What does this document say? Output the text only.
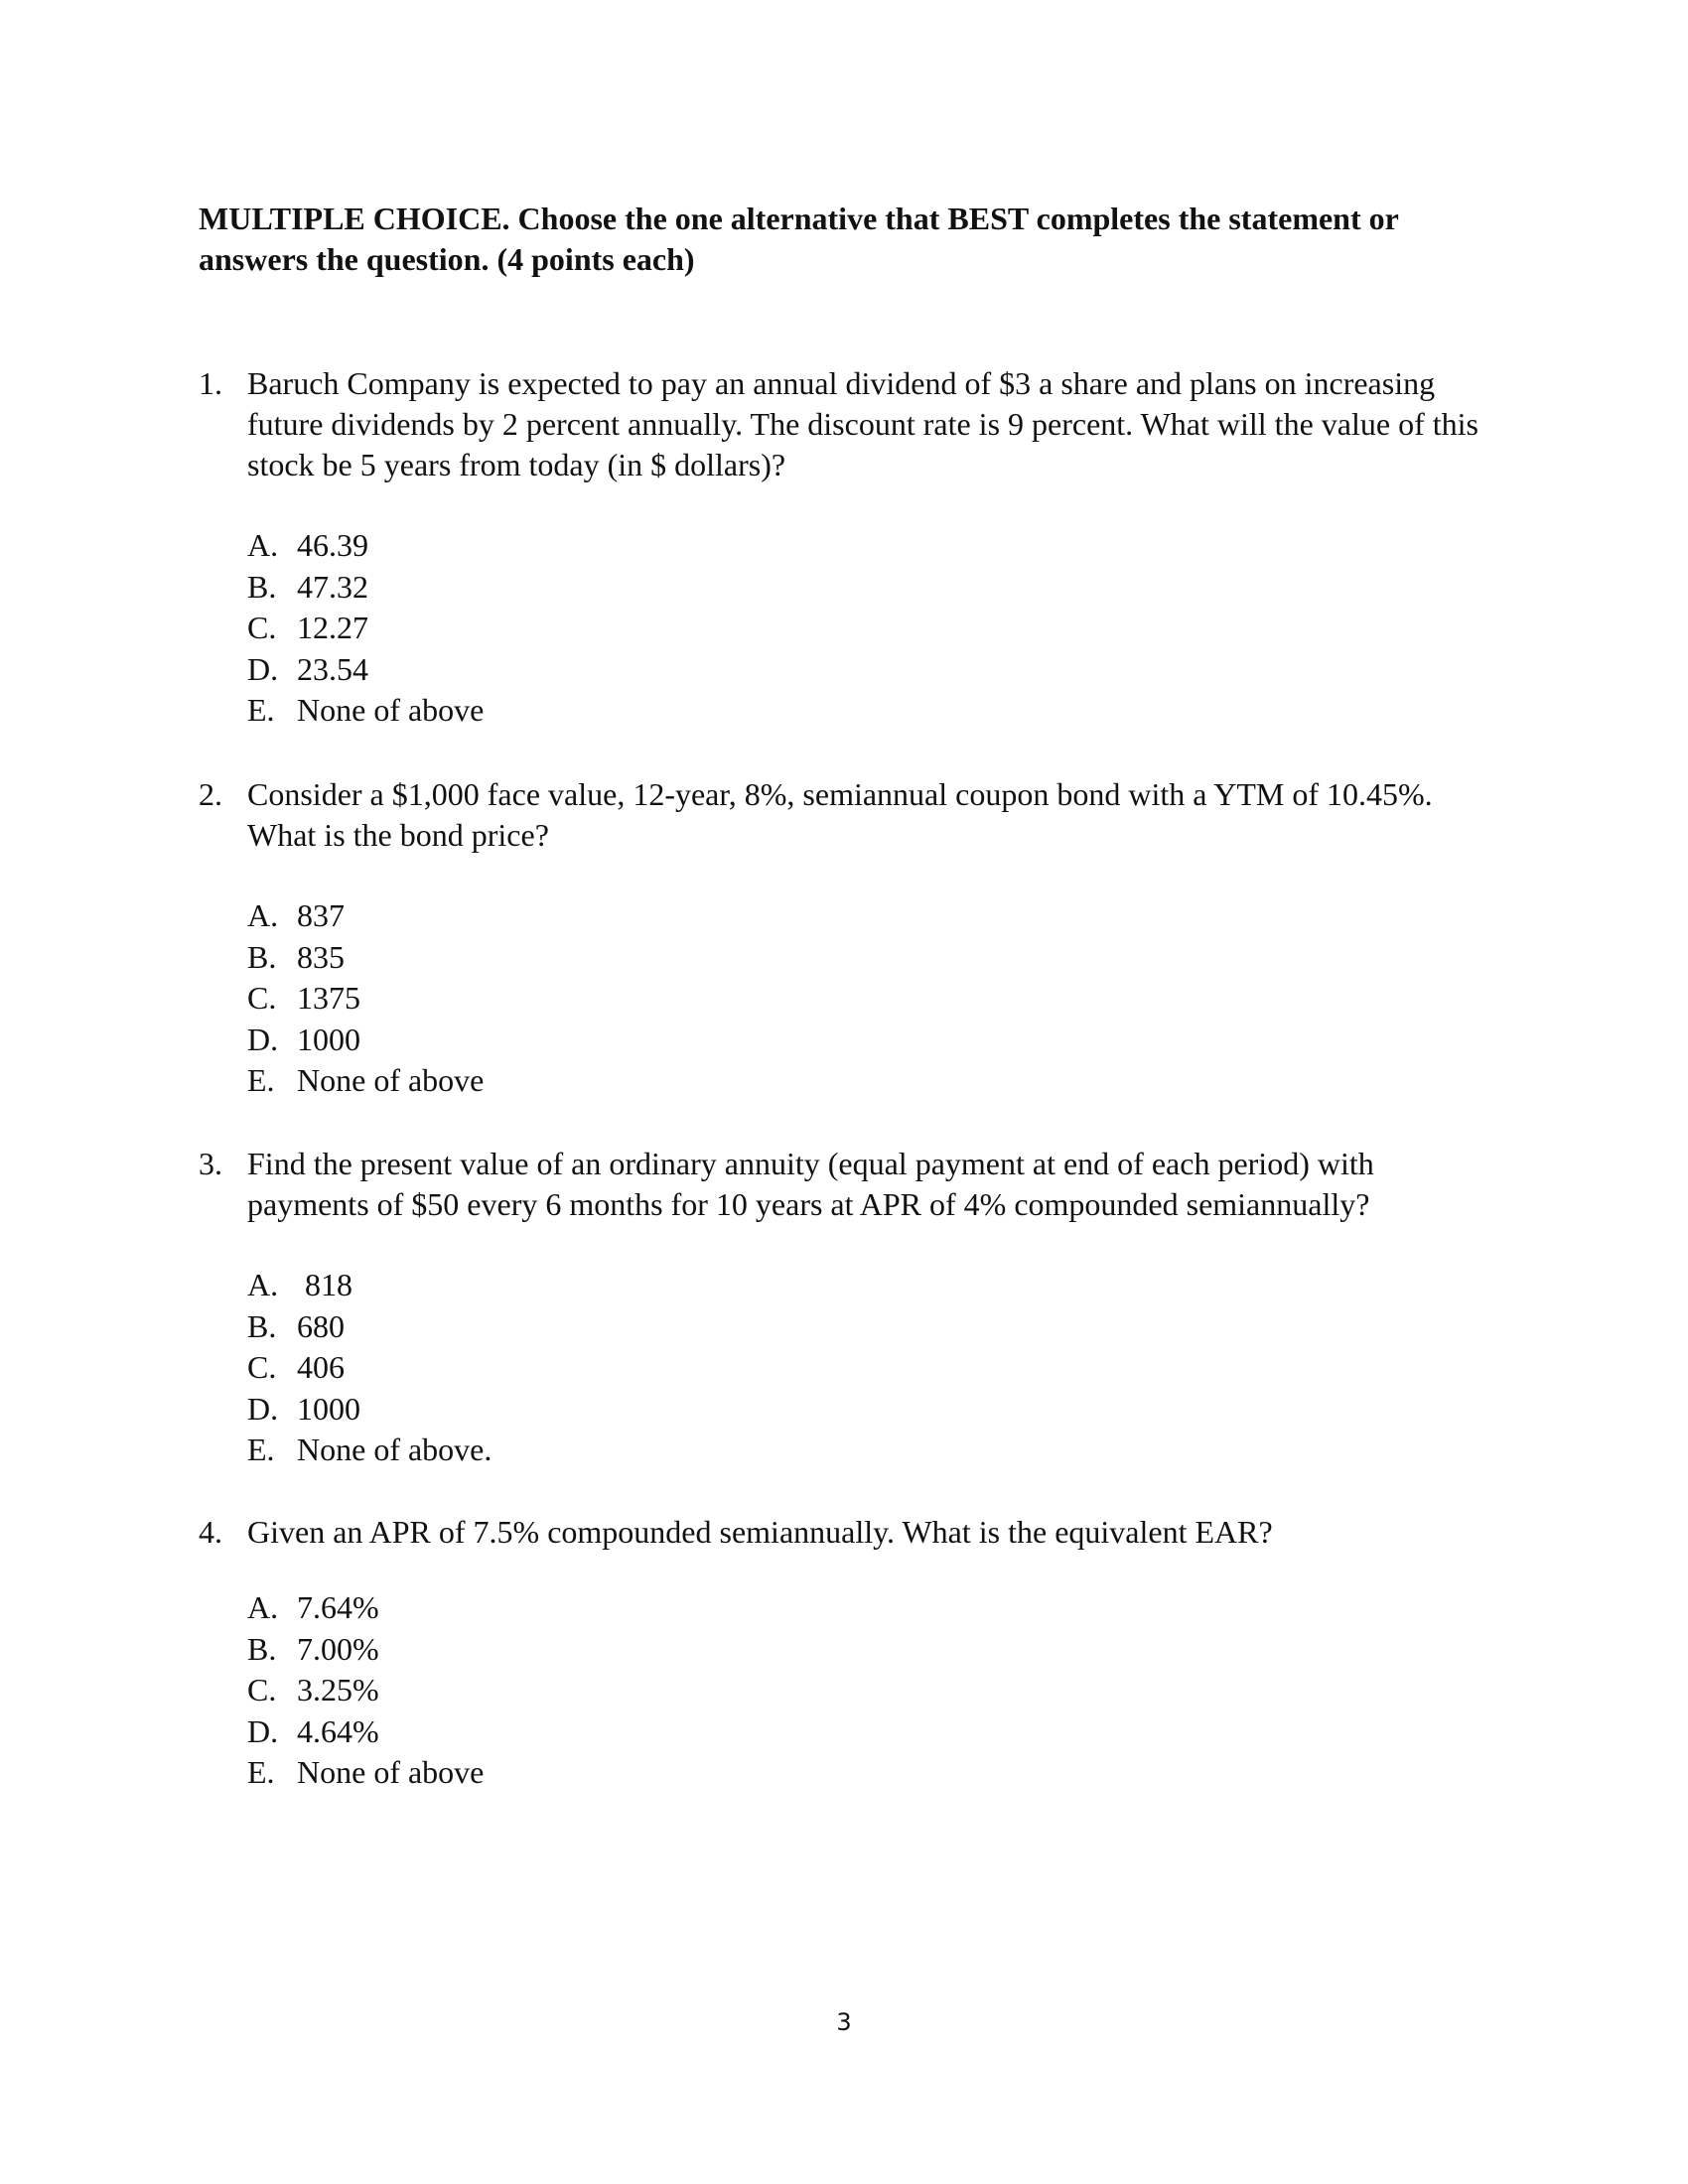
MULTIPLE CHOICE. Choose the one alternative that BEST completes the statement or answers the question. (4 points each)
1. Baruch Company is expected to pay an annual dividend of $3 a share and plans on increasing future dividends by 2 percent annually. The discount rate is 9 percent. What will the value of this stock be 5 years from today (in $ dollars)?
A. 46.39
B. 47.32
C. 12.27
D. 23.54
E. None of above
2. Consider a $1,000 face value, 12-year, 8%, semiannual coupon bond with a YTM of 10.45%. What is the bond price?
A. 837
B. 835
C. 1375
D. 1000
E. None of above
3. Find the present value of an ordinary annuity (equal payment at end of each period) with payments of $50 every 6 months for 10 years at APR of 4% compounded semiannually?
A. 818
B. 680
C. 406
D. 1000
E. None of above.
4. Given an APR of 7.5% compounded semiannually. What is the equivalent EAR?
A. 7.64%
B. 7.00%
C. 3.25%
D. 4.64%
E. None of above
3
